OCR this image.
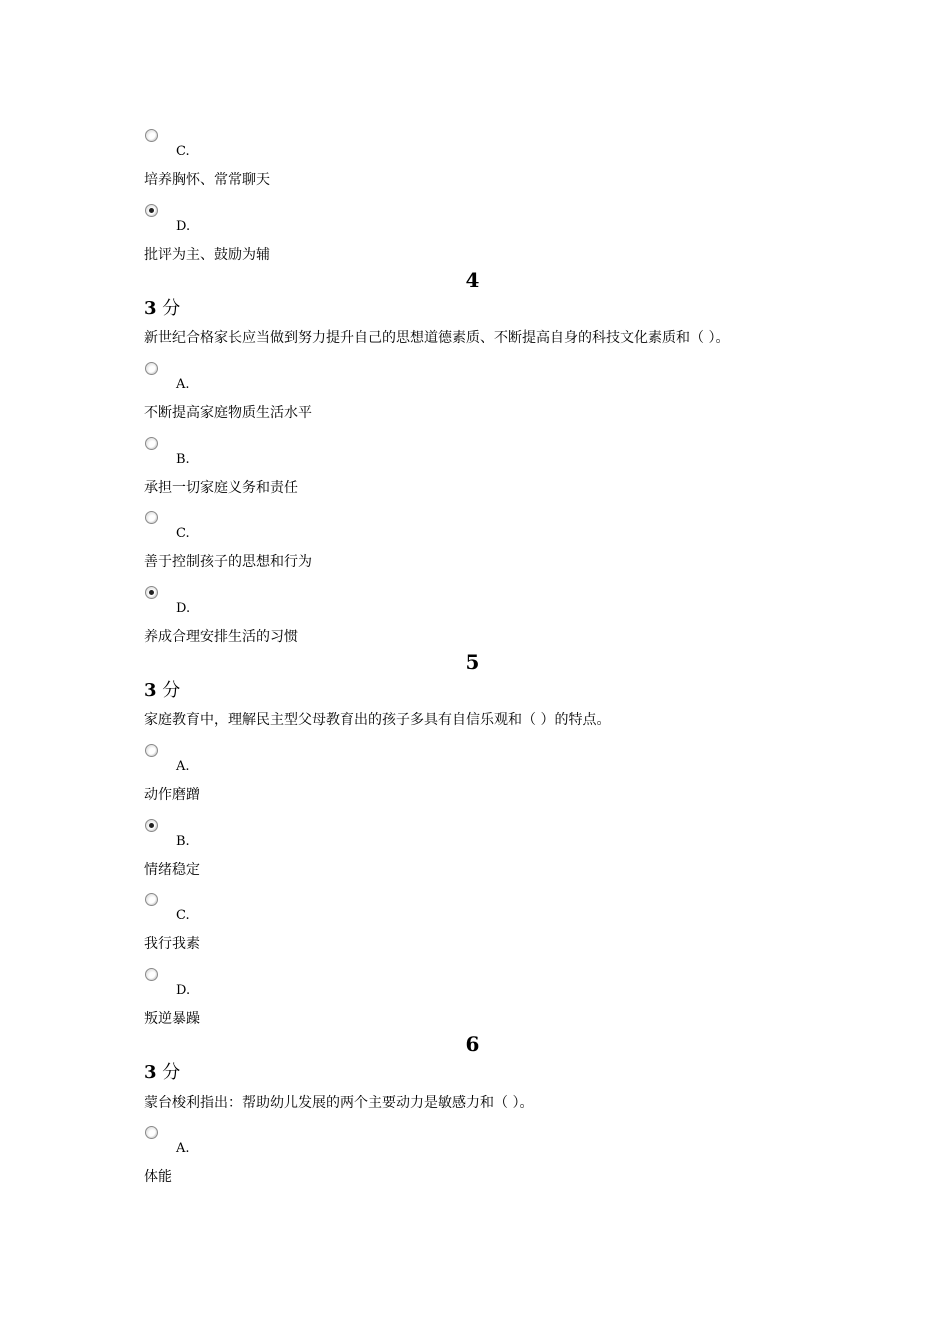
C.
培养胸怀、常常聊天
D.
批评为主、鼓励为辅
4
3 分
新世纪合格家长应当做到努力提升自己的思想道德素质、不断提高自身的科技文化素质和（ ）。
A.
不断提高家庭物质生活水平
B.
承担一切家庭义务和责任
C.
善于控制孩子的思想和行为
D.
养成合理安排生活的习惯
5
3 分
家庭教育中，理解民主型父母教育出的孩子多具有自信乐观和（ ）的特点。
A.
动作磨蹭
B.
情绪稳定
C.
我行我素
D.
叛逆暴躁
6
3 分
蒙台梭利指出：帮助幼儿发展的两个主要动力是敏感力和（ ）。
A.
体能
